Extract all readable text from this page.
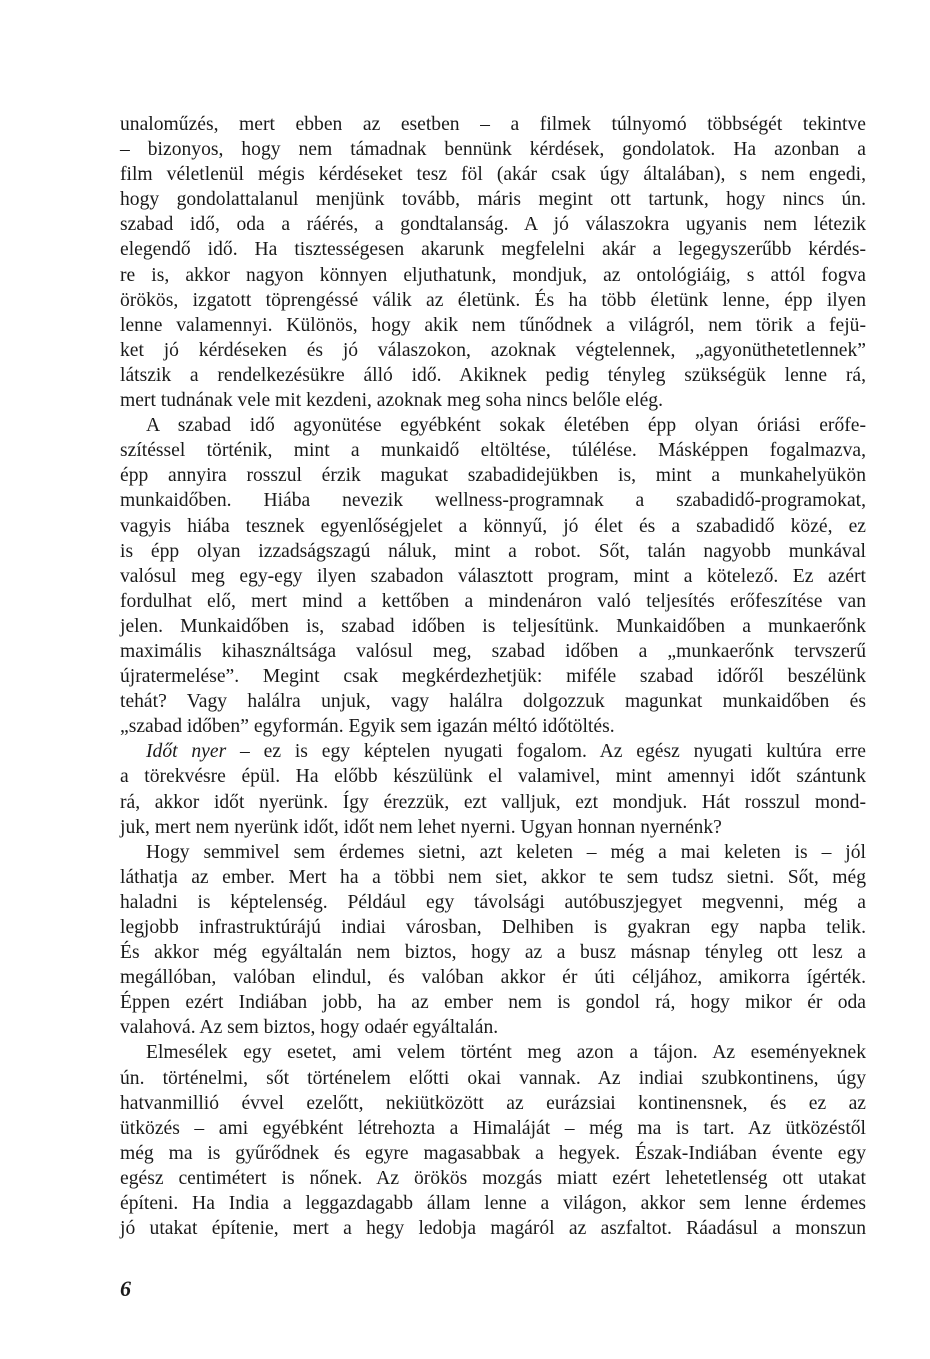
unaloműzés, mert ebben az esetben – a filmek túlnyomó többségét tekintve
– bizonyos, hogy nem támadnak bennünk kérdések, gondolatok. Ha azonban a
film véletlenül mégis kérdéseket tesz föl (akár csak úgy általában), s nem engedi,
hogy gondolattalanul menjünk tovább, máris megint ott tartunk, hogy nincs ún.
szabad idő, oda a ráérés, a gondtalanság. A jó válaszokra ugyanis nem létezik
elegendő idő. Ha tisztességesen akarunk megfelelni akár a legegyszerűbb kérdés-
re is, akkor nagyon könnyen eljuthatunk, mondjuk, az ontológiáig, s attól fogva
örökös, izgatott töprengéssé válik az életünk. És ha több életünk lenne, épp ilyen
lenne valamennyi. Különös, hogy akik nem tűnődnek a világról, nem törik a fejü-
ket jó kérdéseken és jó válaszokon, azoknak végtelennek, „agyonüthetetlennek”
látszik a rendelkezésükre álló idő. Akiknek pedig tényleg szükségük lenne rá,
mert tudnának vele mit kezdeni, azoknak meg soha nincs belőle elég.
A szabad idő agyonütése egyébként sokak életében épp olyan óriási erőfe-
szítéssel történik, mint a munkaidő eltöltése, túlélése. Másképpen fogalmazva,
épp annyira rosszul érzik magukat szabadidejükben is, mint a munkahelyükön
munkaidőben. Hiába nevezik wellness-programnak a szabadidő-programokat,
vagyis hiába tesznek egyenlőségjelet a könnyű, jó élet és a szabadidő közé, ez
is épp olyan izzadságszagú náluk, mint a robot. Sőt, talán nagyobb munkával
valósul meg egy-egy ilyen szabadon választott program, mint a kötelező. Ez azért
fordulhat elő, mert mind a kettőben a mindenáron való teljesítés erőfeszítése van
jelen. Munkaidőben is, szabad időben is teljesítünk. Munkaidőben a munkaerőnk
maximális kihasználtsága valósul meg, szabad időben a „munkaerőnk tervszerű
újratermelése”. Megint csak megkérdezhetjük: miféle szabad időről beszélünk
tehát? Vagy halálra unjuk, vagy halálra dolgozzuk magunkat munkaidőben és
„szabad időben” egyformán. Egyik sem igazán méltó időtöltés.
Időt nyer – ez is egy képtelen nyugati fogalom. Az egész nyugati kultúra erre
a törekvésre épül. Ha előbb készülünk el valamivel, mint amennyi időt szántunk
rá, akkor időt nyerünk. Így érezzük, ezt valljuk, ezt mondjuk. Hát rosszul mond-
juk, mert nem nyerünk időt, időt nem lehet nyerni. Ugyan honnan nyernénk?
Hogy semmivel sem érdemes sietni, azt keleten – még a mai keleten is – jól
láthatja az ember. Mert ha a többi nem siet, akkor te sem tudsz sietni. Sőt, még
haladni is képtelenség. Például egy távolsági autóbuszjegyet megvenni, még a
legjobb infrastruktúrájú indiai városban, Delhiben is gyakran egy napba telik.
És akkor még egyáltalán nem biztos, hogy az a busz másnap tényleg ott lesz a
megállóban, valóban elindul, és valóban akkor ér úti céljához, amikorra ígérték.
Éppen ezért Indiában jobb, ha az ember nem is gondol rá, hogy mikor ér oda
valahová. Az sem biztos, hogy odaér egyáltalán.
Elmesélek egy esetet, ami velem történt meg azon a tájon. Az eseményeknek
ún. történelmi, sőt történelem előtti okai vannak. Az indiai szubkontinens, úgy
hatvanmillió évvel ezelőtt, nekiütközött az eurázsiai kontinensnek, és ez az
ütközés – ami egyébként létrehozta a Himaláját – még ma is tart. Az ütközéstől
még ma is gyűrődnek és egyre magasabbak a hegyek. Észak-Indiában évente egy
egész centimétert is nőnek. Az örökös mozgás miatt ezért lehetetlenség ott utakat
építeni. Ha India a leggazdagabb állam lenne a világon, akkor sem lenne érdemes
jó utakat építenie, mert a hegy ledobja magáról az aszfaltot. Ráadásul a monszun
6
